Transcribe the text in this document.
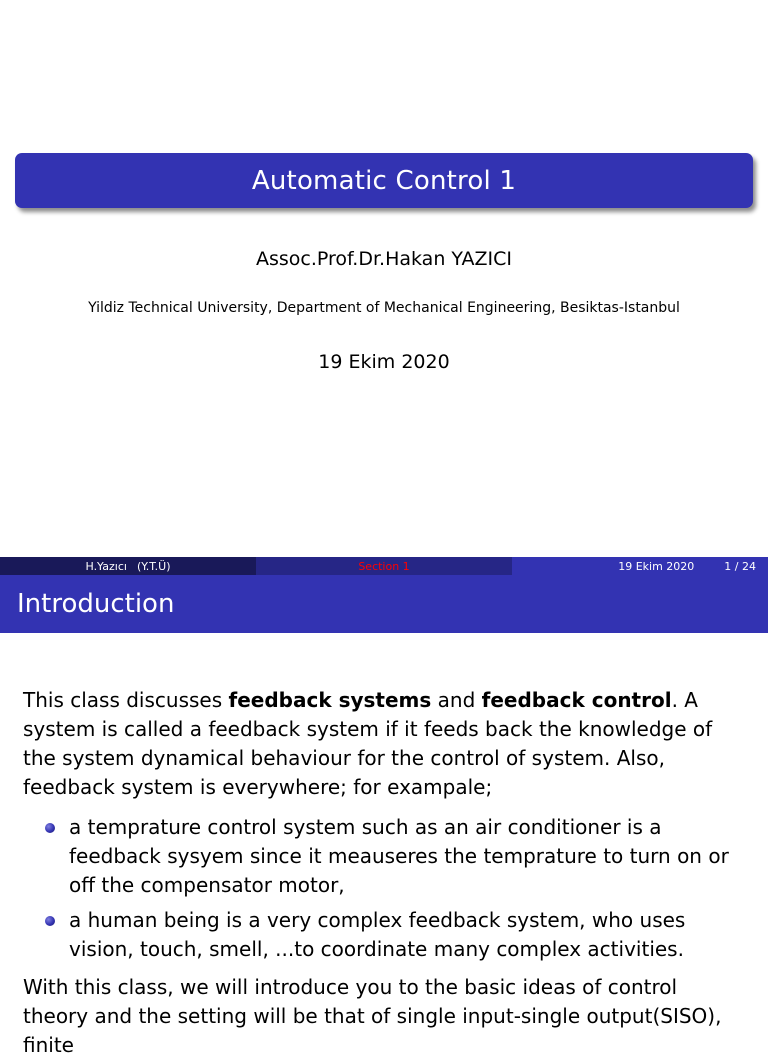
Automatic Control 1
Assoc.Prof.Dr.Hakan YAZICI
Yildiz Technical University, Department of Mechanical Engineering, Besiktas-Istanbul
19 Ekim 2020
H.Yazıcı (Y.T.Ü)	Section 1	19 Ekim 2020	1 / 24
Introduction

This class discusses feedback systems and feedback control. A system is called a feedback system if it feeds back the knowledge of the system dynamical behaviour for the control of system. Also, feedback system is everywhere; for exampale;

a temprature control system such as an air conditioner is a feedback sysyem since it meauseres the temprature to turn on or off the compensator motor,
a human being is a very complex feedback system, who uses vision, touch, smell, ...to coordinate many complex activities.

With this class, we will introduce you to the basic ideas of control theory and the setting will be that of single input-single output(SISO), finite
